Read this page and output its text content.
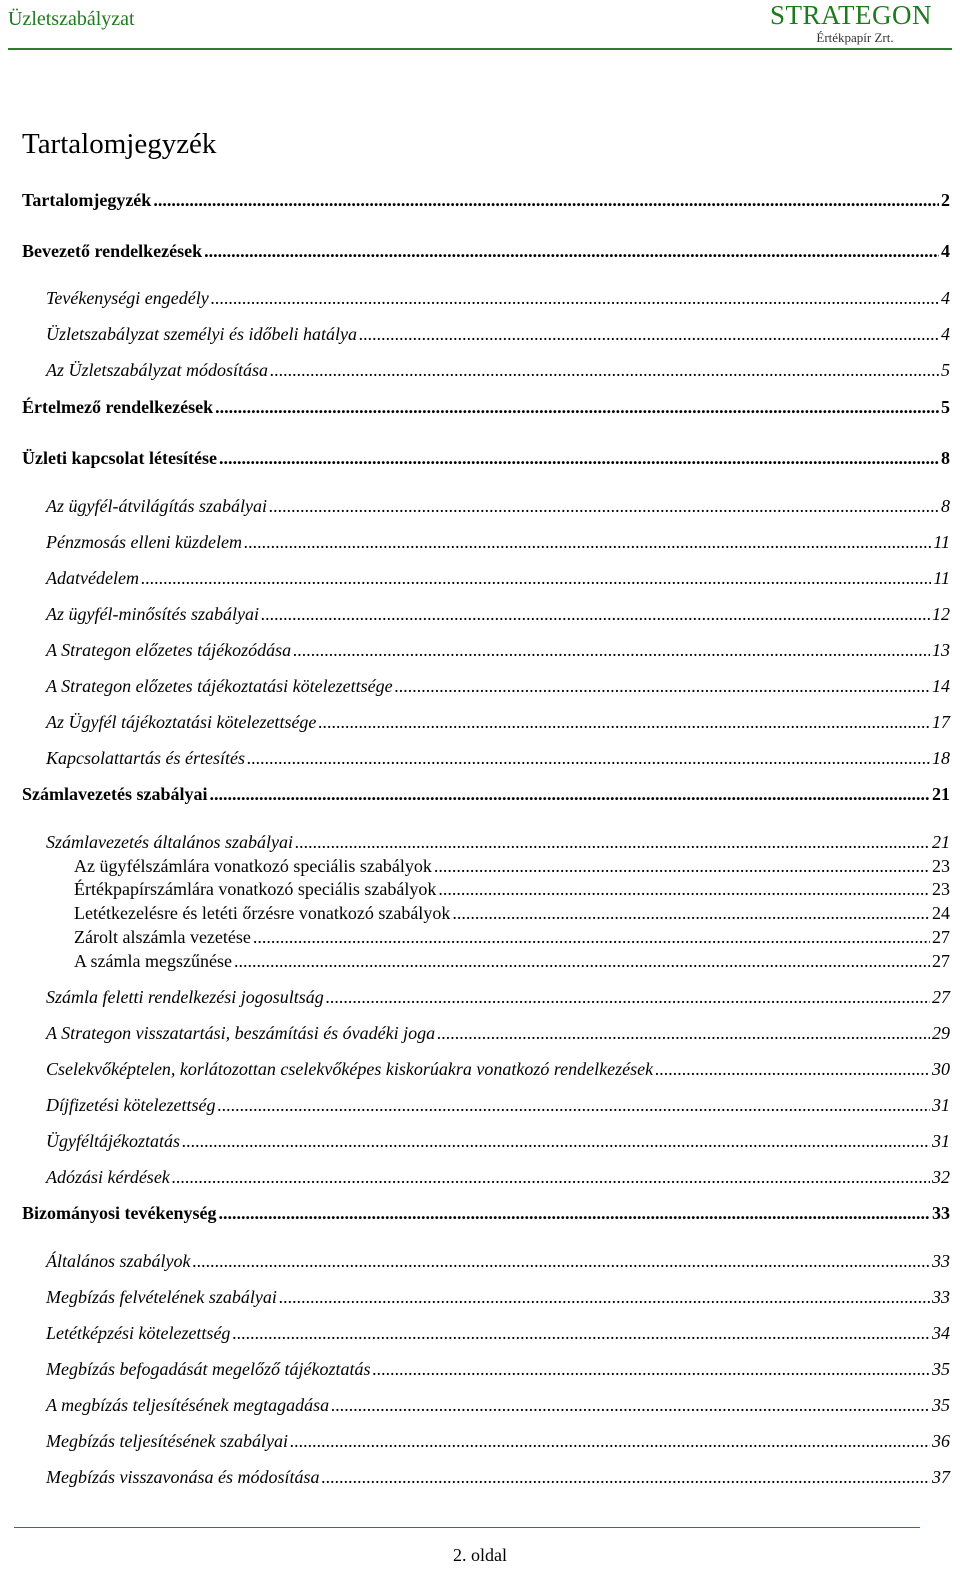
Üzletszabályzat	STRATEGON
Értékpapír Zrt.
Tartalomjegyzék
Tartalomjegyzék .....	2
Bevezető rendelkezések .....	4
Tevékenységi engedély .....	4
Üzletszabályzat személyi és időbeli hatálya .....	4
Az Üzletszabályzat módosítása .....	5
Értelmező rendelkezések .....	5
Üzleti kapcsolat létesítése .....	8
Az ügyfél-átvilágítás szabályai .....	8
Pénzmosás elleni küzdelem .....	11
Adatvédelem .....	11
Az ügyfél-minősítés szabályai .....	12
A Strategon előzetes tájékozódása .....	13
A Strategon előzetes tájékoztatási kötelezettsége .....	14
Az Ügyfél tájékoztatási kötelezettsége .....	17
Kapcsolattartás és értesítés .....	18
Számlavezetés szabályai .....	21
Számlavezetés általános szabályai .....	21
Az ügyfélszámlára vonatkozó speciális szabályok .....	23
Értékpapírszámlára vonatkozó speciális szabályok .....	23
Letétkezelésre és letéti őrzésre vonatkozó szabályok .....	24
Zárolt alszámla vezetése .....	27
A számla megszűnése .....	27
Számla feletti rendelkezési jogosultság .....	27
A Strategon visszatartási, beszámítási és óvadéki joga .....	29
Cselekvőképtelen, korlátozottan cselekvőképes kiskorúakra vonatkozó rendelkezések .....	30
Díjfizetési kötelezettség .....	31
Ügyféltájékoztatás .....	31
Adózási kérdések .....	32
Bizományosi tevékenység .....	33
Általános szabályok .....	33
Megbízás felvételének szabályai .....	33
Letétképzési kötelezettség .....	34
Megbízás befogadását megelőző tájékoztatás .....	35
A megbízás teljesítésének megtagadása .....	35
Megbízás teljesítésének szabályai .....	36
Megbízás visszavonása és módosítása .....	37
2. oldal
